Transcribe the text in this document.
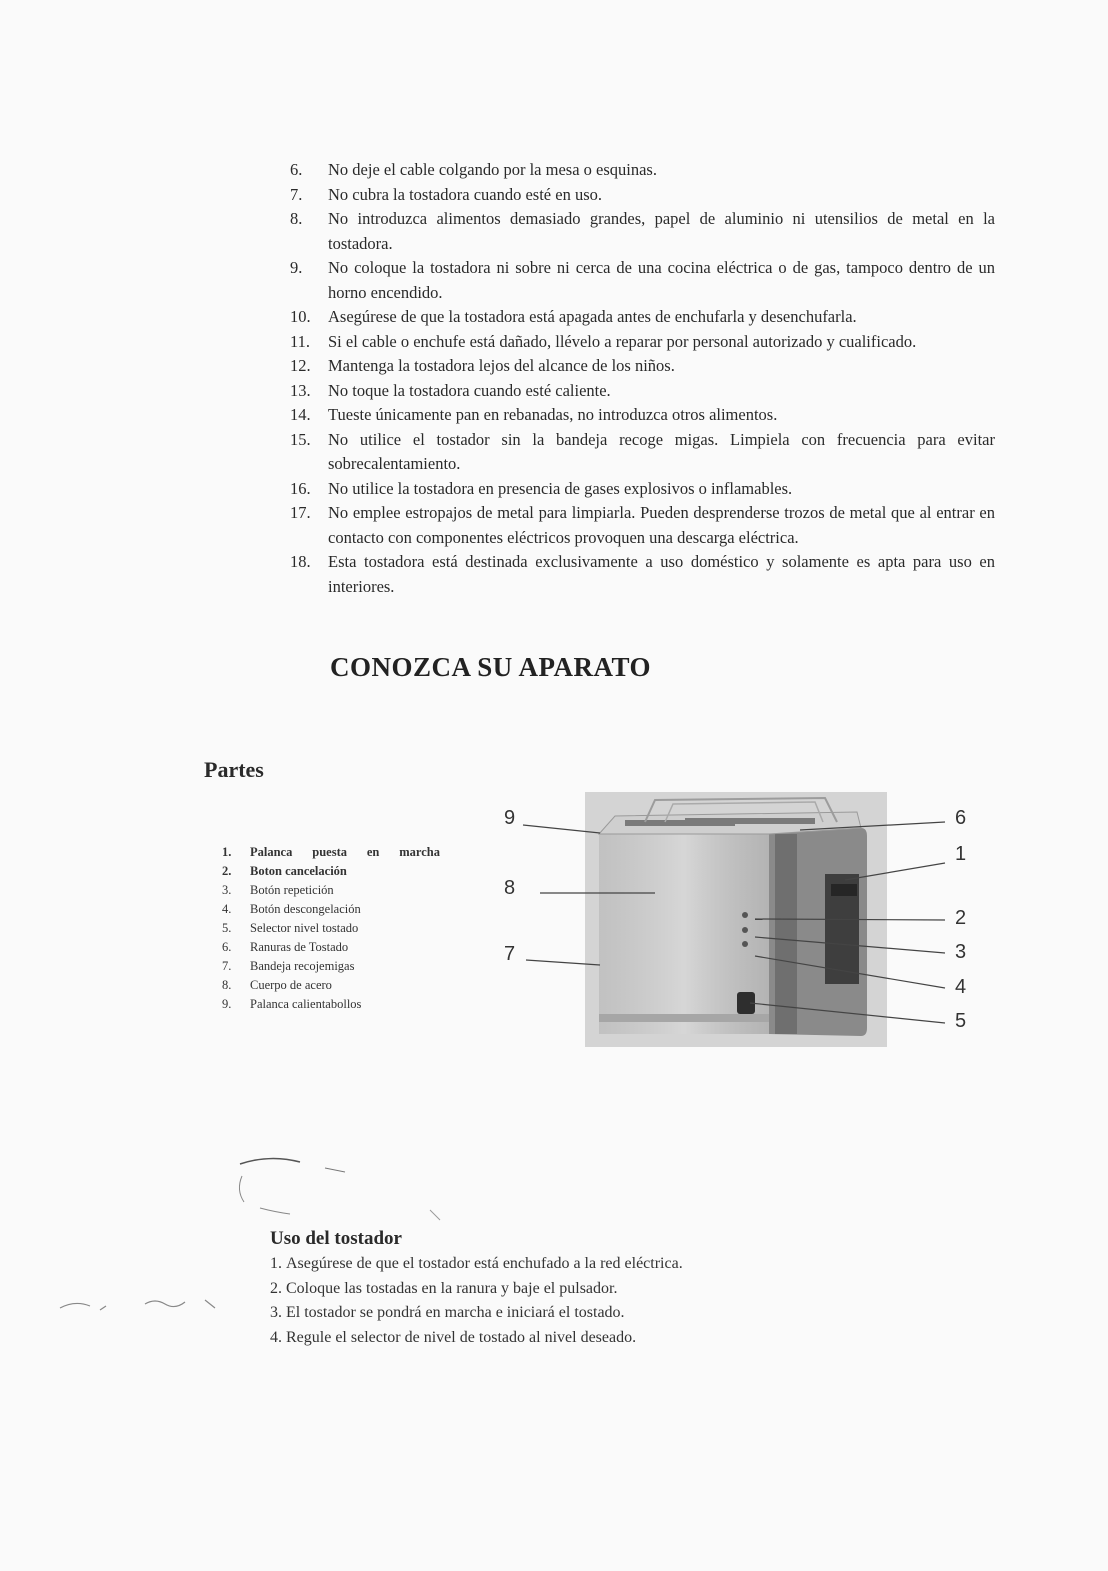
6.	No deje el cable colgando por la mesa o esquinas.
7.	No cubra la tostadora cuando esté en uso.
8.	No introduzca alimentos demasiado grandes, papel de aluminio ni utensilios de metal en la tostadora.
9.	No coloque la tostadora ni sobre ni cerca de una cocina eléctrica o de gas, tampoco dentro de un horno encendido.
10.	Asegúrese de que la tostadora está apagada antes de enchufarla y desenchufarla.
11.	Si el cable o enchufe está dañado, llévelo a reparar por personal autorizado y cualificado.
12.	Mantenga la tostadora lejos del alcance de los niños.
13.	No toque la tostadora cuando esté caliente.
14.	Tueste únicamente pan en rebanadas, no introduzca otros alimentos.
15.	No utilice el tostador sin la bandeja recoge migas. Limpiela con frecuencia para evitar sobrecalentamiento.
16.	No utilice la tostadora en presencia de gases explosivos o inflamables.
17.	No emplee estropajos de metal para limpiarla. Pueden desprenderse trozos de metal que al entrar en contacto con componentes eléctricos provoquen una descarga eléctrica.
18.	Esta tostadora está destinada exclusivamente a uso doméstico y solamente es apta para uso en interiores.
CONOZCA SU APARATO
Partes
1. Palanca puesta en marcha
2. Boton cancelación
3. Botón repetición
4. Botón descongelación
5. Selector nivel tostado
6. Ranuras de Tostado
7. Bandeja recojemigas
8. Cuerpo de acero
9. Palanca calientabollos
9
8
7
6
1
2
3
4
5
Uso del tostador
1. Asegúrese de que el tostador está enchufado a la red eléctrica.
2. Coloque las tostadas en la ranura y baje el pulsador.
3. El tostador se pondrá en marcha e iniciará el tostado.
4. Regule el selector de nivel de tostado al nivel deseado.
